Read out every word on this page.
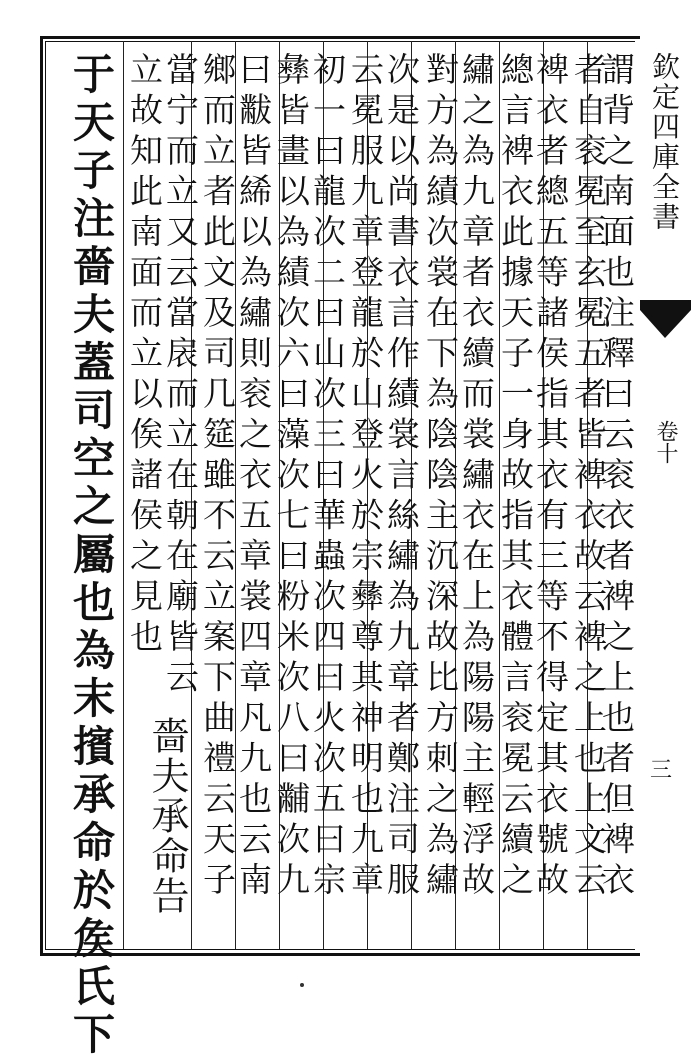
欽定四庫全書
卷十
三
謂背之南面也注釋曰云衮衣者裨之上也者但裨衣
者自衮冕至玄冕五者皆裨衣故云裨之上也上文云
裨衣者總五等諸侯指其衣有三等不得定其衣號故
總言裨衣此據天子一身故指其衣體言衮冕云續之
繡之為九章者衣續而裳繡衣在上為陽陽主輕浮故
對方為績次裳在下為陰陰主沉深故比方刺之為繡
次是以尚書衣言作績裳言絲繡為九章者鄭注司服
云冕服九章登龍於山登火於宗彝尊其神明也九章
初一曰龍次二曰山次三曰華蟲次四曰火次五曰宗
彝皆畫以為績次六曰藻次七曰粉米次八曰黼次九
曰黻皆絺以為繡則衮之衣五章裳四章凡九也云南
鄉而立者此文及司几筵雖不云立案下曲禮云天子
當宁而立又云當扆而立在朝在廟皆云
立故知此南面而立以俟諸侯之見也
嗇夫承命告
于天子注嗇夫蓋司空之屬也為末擯承命於矦氏下
